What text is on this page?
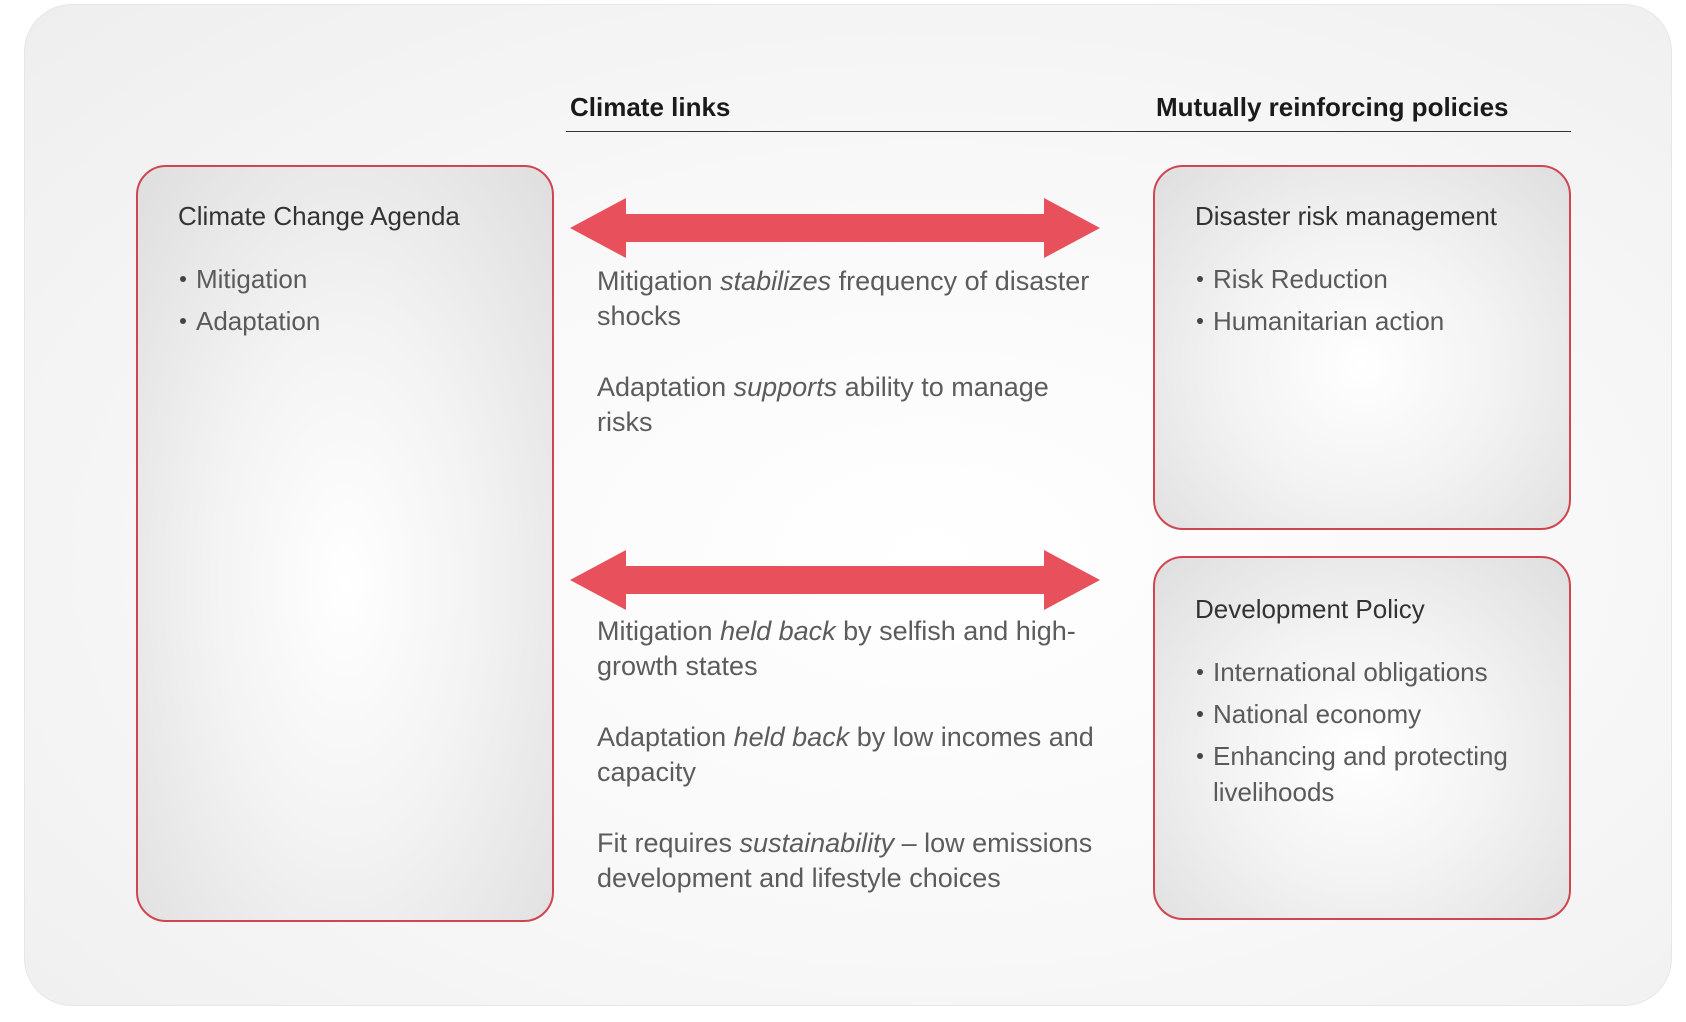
Climate links	Mutually reinforcing policies
Climate Change Agenda
Mitigation
Adaptation
Disaster risk management
Risk Reduction
Humanitarian action
Development Policy
International obligations
National economy
Enhancing and protecting livelihoods
Mitigation stabilizes frequency of disaster shocks
Adaptation supports ability to manage risks
Mitigation held back by selfish and high-growth states
Adaptation held back by low incomes and capacity
Fit requires sustainability – low emissions development and lifestyle choices
